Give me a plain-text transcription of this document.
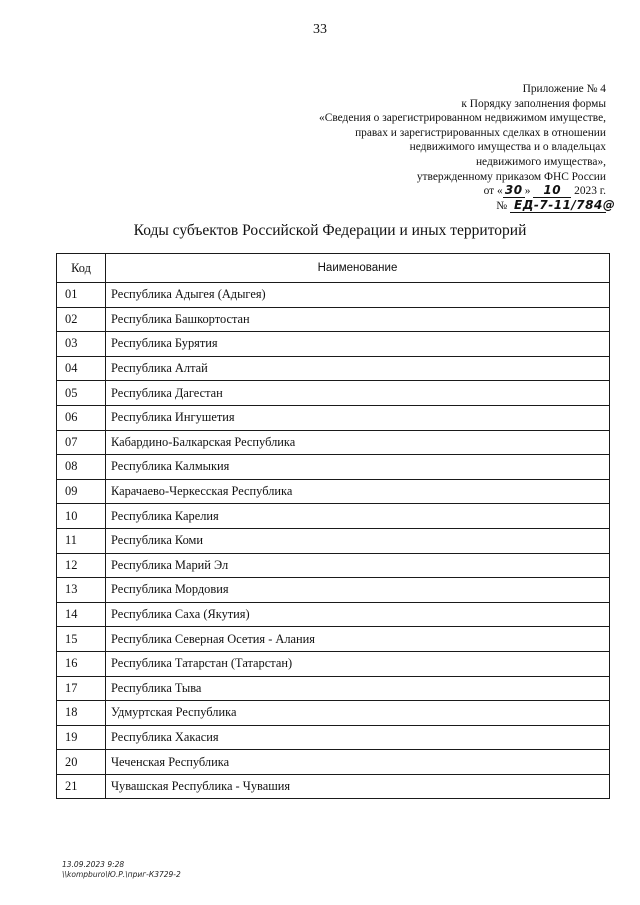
33
Приложение № 4
к Порядку заполнения формы
«Сведения о зарегистрированном недвижимом имуществе,
правах и зарегистрированных сделках в отношении
недвижимого имущества и о владельцах
недвижимого имущества»,
утвержденному приказом ФНС России
от « 30 » 10 2023 г.
№ ЕД-7-11/784@
Коды субъектов Российской Федерации и иных территорий
Код	Наименование
01	Республика Адыгея (Адыгея)
02	Республика Башкортостан
03	Республика Бурятия
04	Республика Алтай
05	Республика Дагестан
06	Республика Ингушетия
07	Кабардино-Балкарская Республика
08	Республика Калмыкия
09	Карачаево-Черкесская Республика
10	Республика Карелия
11	Республика Коми
12	Республика Марий Эл
13	Республика Мордовия
14	Республика Саха (Якутия)
15	Республика Северная Осетия - Алания
16	Республика Татарстан (Татарстан)
17	Республика Тыва
18	Удмуртская Республика
19	Республика Хакасия
20	Чеченская Республика
21	Чувашская Республика - Чувашия
13.09.2023 9:28
\\kompburo\Ю.Р.\приг-К3729-2
